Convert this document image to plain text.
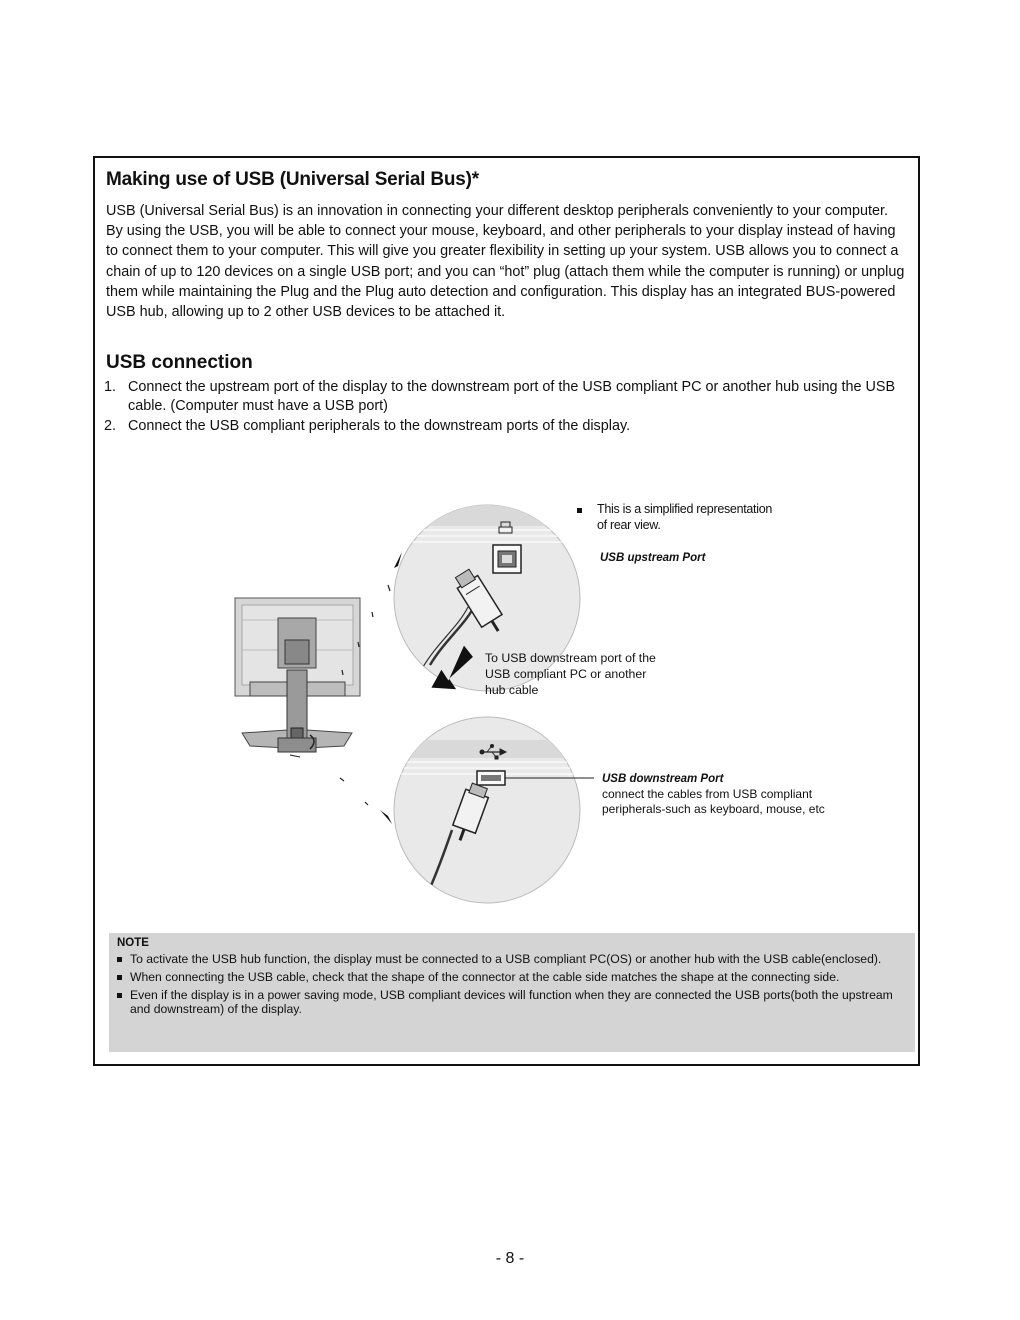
Making use of USB (Universal Serial Bus)*

USB (Universal Serial Bus) is an innovation in connecting your different desktop peripherals conveniently to your computer. By using the USB, you will be able to connect your mouse, keyboard, and other peripherals to your display instead of having to connect them to your computer. This will give you greater flexibility in setting up your system. USB allows you to connect a chain of up to 120 devices on a single USB port; and you can “hot” plug (attach them while the computer is running) or unplug them while maintaining the Plug and the Plug auto detection and configuration. This display has an integrated BUS-powered USB hub, allowing up to 2 other USB devices to be attached it.

USB connection
1. Connect the upstream port of the display to the downstream port of the USB compliant PC or another hub using the USB cable. (Computer must have a USB port)
2. Connect the USB compliant peripherals to the downstream ports of the display.
This is a simplified representation
of rear view.
USB upstream Port
To USB downstream port of the USB compliant PC or another hub cable
USB downstream Port
connect the cables from USB compliant peripherals-such as keyboard, mouse, etc

NOTE

To activate the USB hub function, the display must be connected to a USB compliant PC(OS) or another hub with the USB cable(enclosed).
When connecting the USB cable, check that the shape of the connector at the cable side matches the shape at the connecting side.
Even if the display is in a power saving mode, USB compliant devices will function when they are connected the USB ports(both the upstream and downstream) of the display.
- 8 -
